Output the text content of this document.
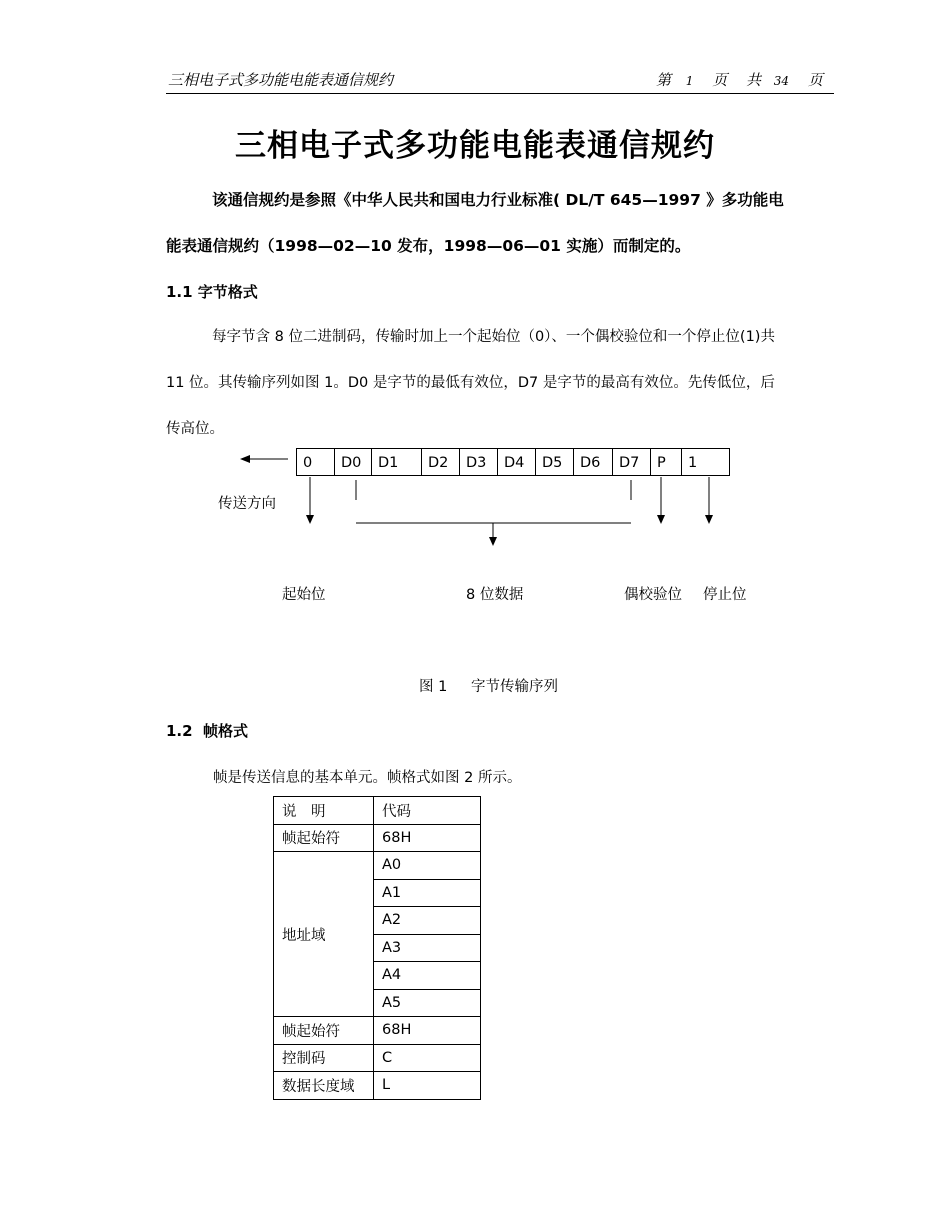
三相电子式多功能电能表通信规约	第 1 页 共 34 页
三相电子式多功能电能表通信规约
该通信规约是参照《中华人民共和国电力行业标准( DL/T 645—1997 》多功能电
能表通信规约（1998—02—10 发布，1998—06—01 实施）而制定的。
1.1 字节格式
每字节含 8 位二进制码，传输时加上一个起始位（0）、一个偶校验位和一个停止位(1)共
11 位。其传输序列如图 1。D0 是字节的最低有效位，D7 是字节的最高有效位。先传低位，后
传高位。
0	D0	D1	D2	D3	D4	D5	D6	D7	P	1
传送方向
起始位	8 位数据	偶校验位 停止位
图 1　  字节传输序列
1.2  帧格式
帧是传送信息的基本单元。帧格式如图 2 所示。
说　明	代码
帧起始符	68H
地址域	A0
	A1
	A2
	A3
	A4
	A5
帧起始符	68H
控制码	C
数据长度域	L
